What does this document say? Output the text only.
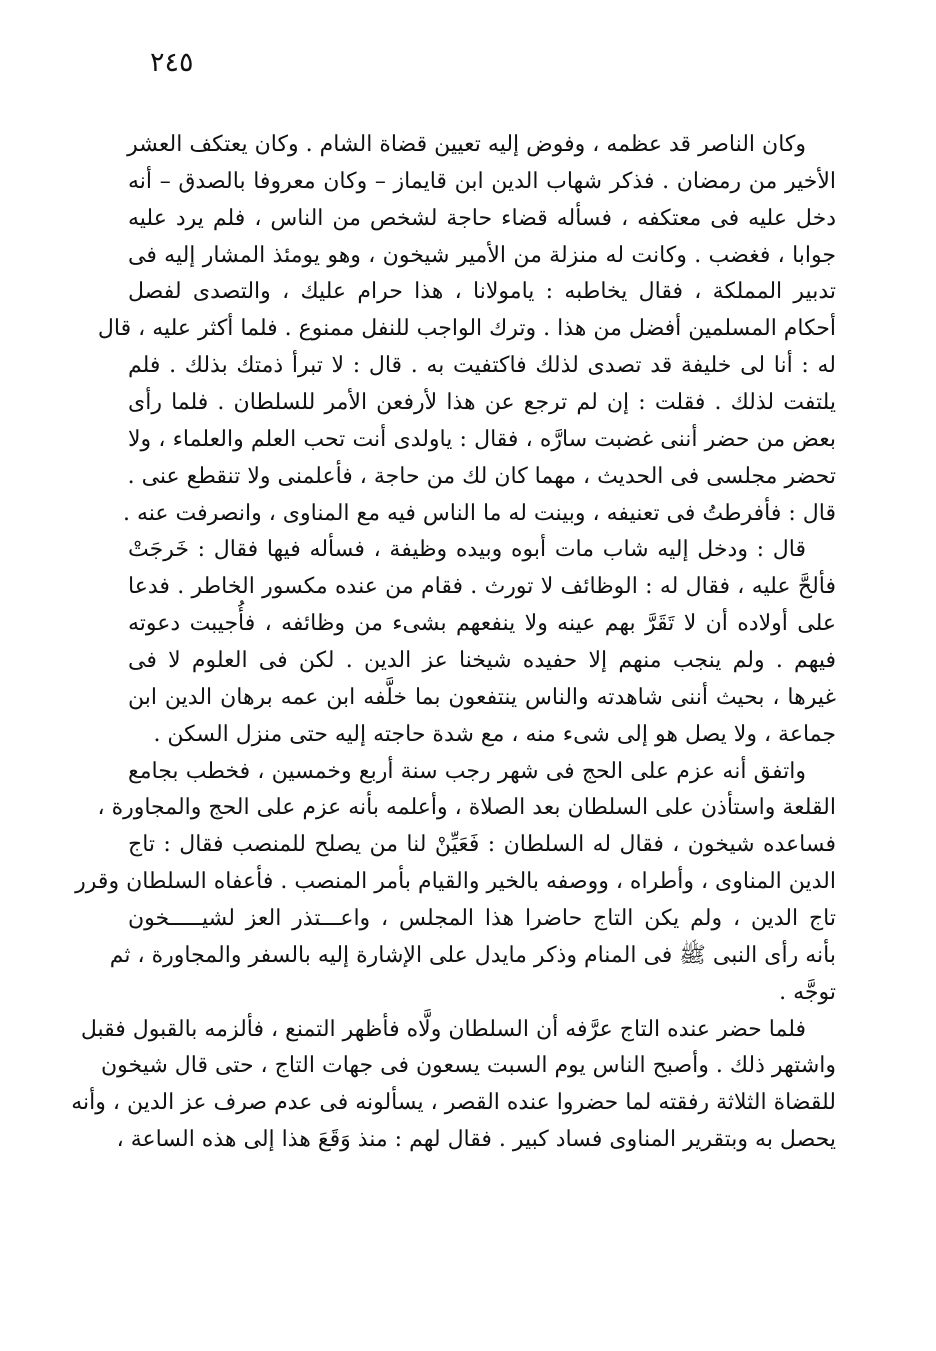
٢٤٥
وكان الناصر قد عظمه ، وفوض إليه تعيين قضاة الشام . وكان يعتكف العشر
الأخير من رمضان . فذكر شهاب الدين ابن قايماز – وكان معروفا بالصدق – أنه
دخل عليه فى معتكفه ، فسأله قضاء حاجة لشخص من الناس ، فلم يرد عليه
جوابا ، فغضب . وكانت له منزلة من الأمير شيخون ، وهو يومئذ المشار إليه فى
تدبير المملكة ، فقال يخاطبه : يامولانا ، هذا حرام عليك ، والتصدى لفصل
أحكام المسلمين أفضل من هذا . وترك الواجب للنفل ممنوع . فلما أكثر عليه ، قال
له : أنا لى خليفة قد تصدى لذلك فاكتفيت به . قال : لا تبرأ ذمتك بذلك . فلم
يلتفت لذلك . فقلت : إن لم ترجع عن هذا لأرفعن الأمر للسلطان . فلما رأى
بعض من حضر أننى غضبت سارَّه ، فقال : ياولدى أنت تحب العلم والعلماء ، ولا
تحضر مجلسى فى الحديث ، مهما كان لك من حاجة ، فأعلمنى ولا تنقطع عنى .
قال : فأفرطتُ فى تعنيفه ، وبينت له ما الناس فيه مع المناوى ، وانصرفت عنه .
قال : ودخل إليه شاب مات أبوه وبيده وظيفة ، فسأله فيها فقال : خَرجَتْ
فألحَّ عليه ، فقال له : الوظائف لا تورث . فقام من عنده مكسور الخاطر . فدعا
على أولاده أن لا تَقَرَّ بهم عينه ولا ينفعهم بشىء من وظائفه ، فأُجيبت دعوته
فيهم . ولم ينجب منهم إلا حفيده شيخنا عز الدين . لكن فى العلوم لا فى
غيرها ، بحيث أننى شاهدته والناس ينتفعون بما خلَّفه ابن عمه برهان الدين ابن
جماعة ، ولا يصل هو إلى شىء منه ، مع شدة حاجته إليه حتى منزل السكن .
واتفق أنه عزم على الحج فى شهر رجب سنة أربع وخمسين ، فخطب بجامع
القلعة واستأذن على السلطان بعد الصلاة ، وأعلمه بأنه عزم على الحج والمجاورة ،
فساعده شيخون ، فقال له السلطان : فَعَيِّنْ لنا من يصلح للمنصب فقال : تاج
الدين المناوى ، وأطراه ، ووصفه بالخير والقيام بأمر المنصب . فأعفاه السلطان وقرر
تاج الدين ، ولم يكن التاج حاضرا هذا المجلس ، واعـــتذر العز لشيـــــخون
بأنه رأى النبى ﷺ فى المنام وذكر مايدل على الإشارة إليه بالسفر والمجاورة ، ثم
توجَّه .
فلما حضر عنده التاج عرَّفه أن السلطان ولَّاه فأظهر التمنع ، فألزمه بالقبول فقبل
واشتهر ذلك . وأصبح الناس يوم السبت يسعون فى جهات التاج ، حتى قال شيخون
للقضاة الثلاثة رفقته لما حضروا عنده القصر ، يسألونه فى عدم صرف عز الدين ، وأنه
يحصل به وبتقرير المناوى فساد كبير . فقال لهم : منذ وَقَعَ هذا إلى هذه الساعة ،
